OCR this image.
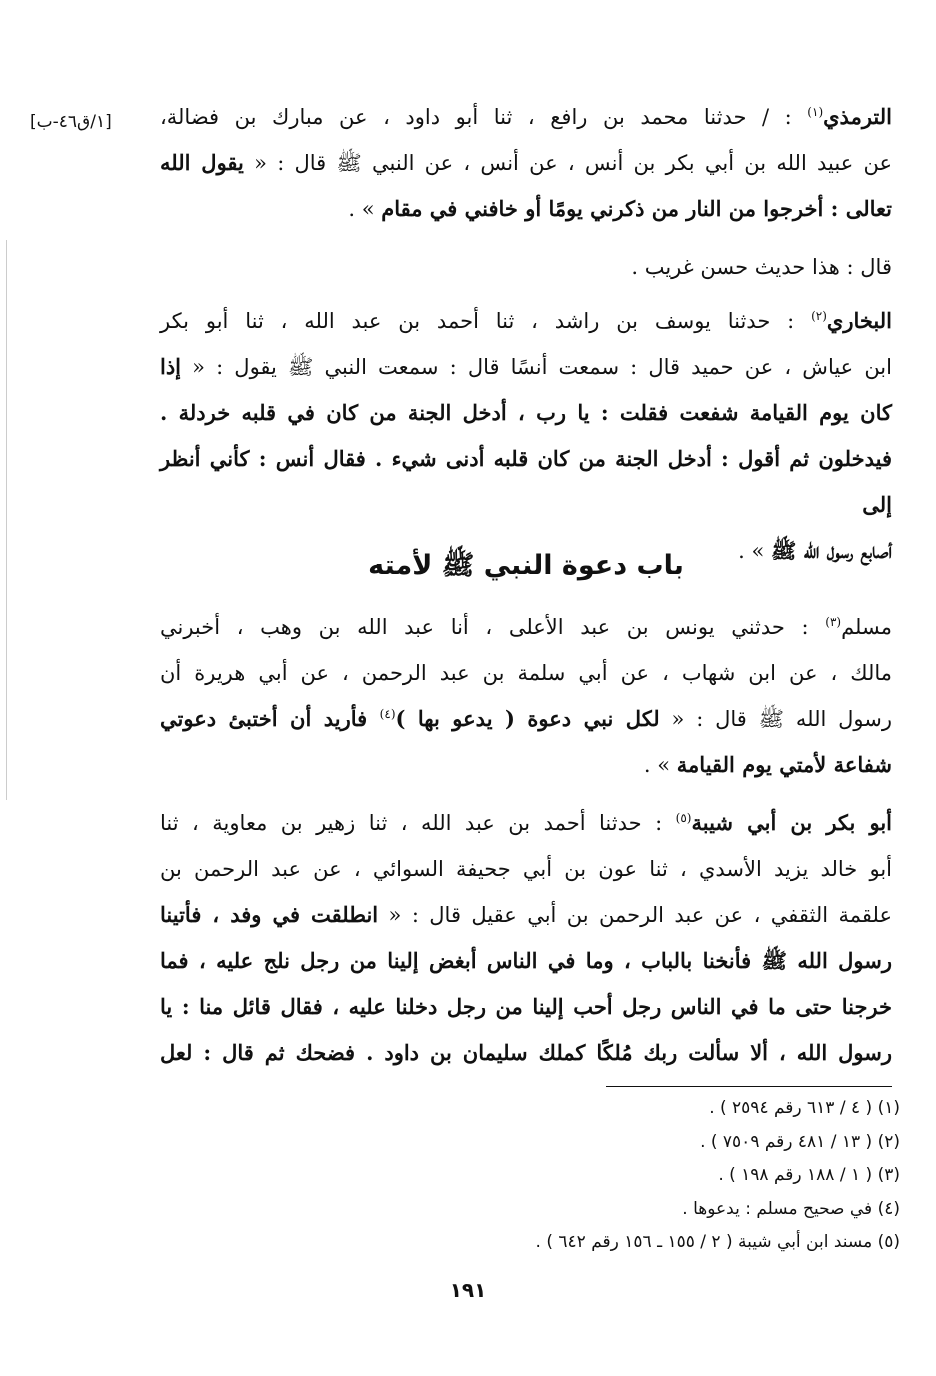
[١/ق٤٦-ب]	الترمذي$^{(١)}$ : / حدثنا محمد بن رافع ، ثنا أبو داود ، عن مبارك بن فضالة،
عن عبيد الله بن أبي بكر بن أنس ، عن أنس ، عن النبي ﷺ قال : « يقول الله
تعالى : أخرجوا من النار من ذكرني يومًا أو خافني في مقام » .
قال : هذا حديث حسن غريب .
البخاري$^{(٢)}$ : حدثنا يوسف بن راشد ، ثنا أحمد بن عبد الله ، ثنا أبو بكر
ابن عياش ، عن حميد قال : سمعت أنسًا قال : سمعت النبي ﷺ يقول : « إذا
كان يوم القيامة شفعت فقلت : يا رب ، أدخل الجنة من كان في قلبه خردلة .
فيدخلون ثم أقول : أدخل الجنة من كان قلبه أدنى شيء . فقال أنس : كأني أنظر إلى
أصابع رسول الله ﷺ » .
باب دعوة النبي ﷺ لأمته
مسلم$^{(٣)}$ : حدثني يونس بن عبد الأعلى ، أنا عبد الله بن وهب ، أخبرني
مالك ، عن ابن شهاب ، عن أبي سلمة بن عبد الرحمن ، عن أبي هريرة أن
رسول الله ﷺ قال : « لكل نبي دعوة ( يدعو بها )$^{(٤)}$ فأريد أن أختبئ دعوتي
شفاعة لأمتي يوم القيامة » .
أبو بكر بن أبي شيبة$^{(٥)}$ : حدثنا أحمد بن عبد الله ، ثنا زهير بن معاوية ، ثنا
أبو خالد يزيد الأسدي ، ثنا عون بن أبي جحيفة السوائي ، عن عبد الرحمن بن
علقمة الثقفي ، عن عبد الرحمن بن أبي عقيل قال : « انطلقت في وفد ، فأتينا
رسول الله ﷺ فأنخنا بالباب ، وما في الناس أبغض إلينا من رجل نلج عليه ، فما
خرجنا حتى ما في الناس رجل أحب إلينا من رجل دخلنا عليه ، فقال قائل منا : يا
رسول الله ، ألا سألت ربك مُلكًا كملك سليمان بن داود . فضحك ثم قال : لعل
(١) ( ٤ / ٦١٣ رقم ٢٥٩٤ ) .
(٢) ( ١٣ / ٤٨١ رقم ٧٥٠٩ ) .
(٣) ( ١ / ١٨٨ رقم ١٩٨ ) .
(٤) في صحيح مسلم : يدعوها .
(٥) مسند ابن أبي شيبة ( ٢ / ١٥٥ ـ ١٥٦ رقم ٦٤٢ ) .
١٩١
